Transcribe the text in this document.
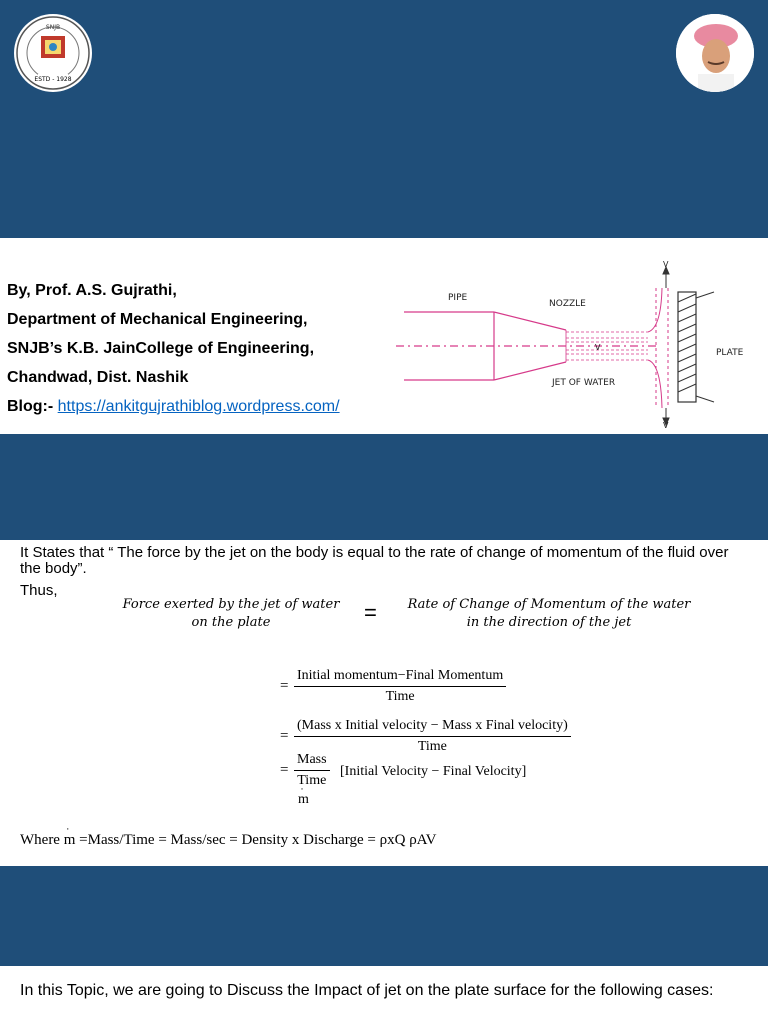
SNJB
ESTD - 1928
By, Prof. A.S. Gujrathi,
Department of Mechanical Engineering,
SNJB’s K.B. JainCollege of Engineering,
Chandwad, Dist. Nashik
Blog:- https://ankitgujrathiblog.wordpress.com/
PIPE
NOZZLE
JET OF WATER
PLATE
V
V
V
It States that “ The force by the jet on the body is equal to the rate of change of momentum of the fluid over the body”.
Thus,
Force exerted by the jet of water
on the plate	=	Rate of Change of Momentum of the water
in the direction of the jet
=
Initial momentum−Final Momentum
Time
=
(Mass x Initial velocity − Mass x Final velocity)
Time
=
Mass
Time
[Initial Velocity − Final Velocity]
m ˙
Where m ˙ =Mass/Time = Mass/sec = Density x Discharge = ρxQ ρAV
In this Topic, we are going to Discuss the Impact of jet on the plate surface for the following cases:
